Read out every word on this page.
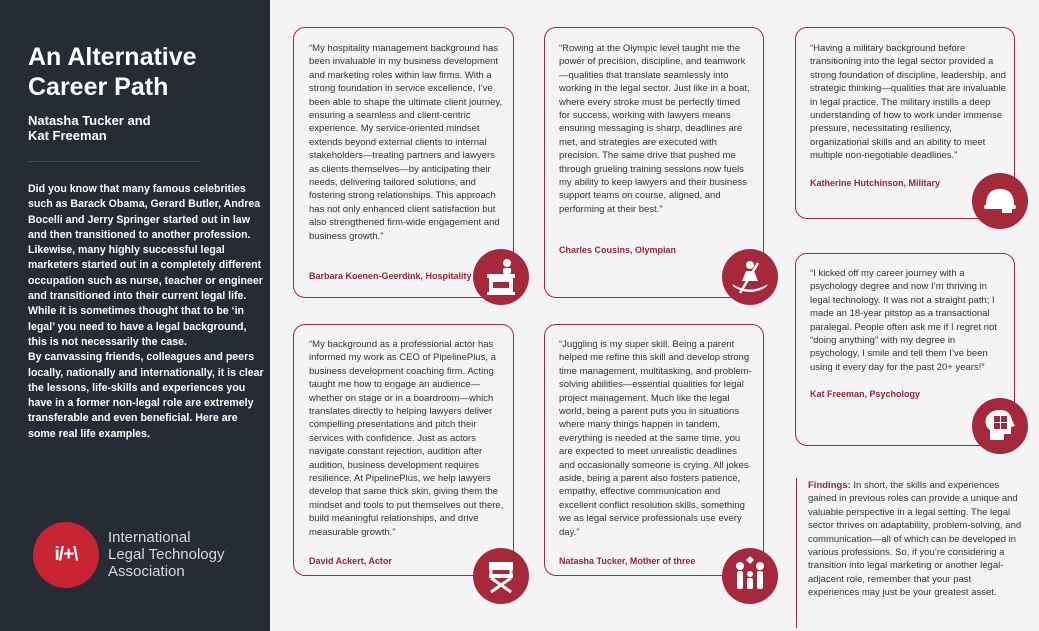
An Alternative
Career Path
Natasha Tucker and
Kat Freeman

Did you know that many famous celebrities such as Barack Obama, Gerard Butler, Andrea Bocelli and Jerry Springer started out in law and then transitioned to another profession. Likewise, many highly successful legal marketers started out in a completely different occupation such as nurse, teacher or engineer and transitioned into their current legal life. While it is sometimes thought that to be ‘in legal’ you need to have a legal background, this is not necessarily the case.

By canvassing friends, colleagues and peers locally, nationally and internationally, it is clear the lessons, life-skills and experiences you have in a former non-legal role are extremely transferable and even beneficial. Here are some real life examples.

i/+\
International
Legal Technology
Association

“My hospitality management background has been invaluable in my business development and marketing roles within law firms. With a strong foundation in service excellence, I’ve been able to shape the ultimate client journey, ensuring a seamless and client-centric experience. My service-oriented mindset extends beyond external clients to internal stakeholders—treating partners and lawyers as clients themselves—by anticipating their needs, delivering tailored solutions, and fostering strong relationships. This approach has not only enhanced client satisfaction but also strengthened firm-wide engagement and business growth.”

Barbara Koenen-Geerdink, Hospitality

“Rowing at the Olympic level taught me the power of precision, discipline, and teamwork—qualities that translate seamlessly into working in the legal sector. Just like in a boat, where every stroke must be perfectly timed for success, working with lawyers means ensuring messaging is sharp, deadlines are met, and strategies are executed with precision. The same drive that pushed me through grueling training sessions now fuels my ability to keep lawyers and their business support teams on course, aligned, and performing at their best.”

Charles Cousins, Olympian

“Having a military background before transitioning into the legal sector provided a strong foundation of discipline, leadership, and strategic thinking—qualities that are invaluable in legal practice. The military instills a deep understanding of how to work under immense pressure, necessitating resiliency, organizational skills and an ability to meet multiple non-negotiable deadlines.”

Katherine Hutchinson, Military

“My background as a professional actor has informed my work as CEO of PipelinePlus, a business development coaching firm. Acting taught me how to engage an audience—whether on stage or in a boardroom—which translates directly to helping lawyers deliver compelling presentations and pitch their services with confidence. Just as actors navigate constant rejection, audition after audition, business development requires resilience. At PipelinePlus, we help lawyers develop that same thick skin, giving them the mindset and tools to put themselves out there, build meaningful relationships, and drive measurable growth.”

David Ackert, Actor

“Juggling is my super skill. Being a parent helped me refine this skill and develop strong time management, multitasking, and problem-solving abilities—essential qualities for legal project management. Much like the legal world, being a parent puts you in situations where many things happen in tandem, everything is needed at the same time, you are expected to meet unrealistic deadlines and occasionally someone is crying. All jokes aside, being a parent also fosters patience, empathy, effective communication and excellent conflict resolution skills, something we as legal service professionals use every day.”

Natasha Tucker, Mother of three

“I kicked off my career journey with a psychology degree and now I’m thriving in legal technology. It was not a straight path; I made an 18-year pitstop as a transactional paralegal. People often ask me if I regret not “doing anything” with my degree in psychology, I smile and tell them I’ve been using it every day for the past 20+ years!”

Kat Freeman, Psychology
Findings: In short, the skills and experiences gained in previous roles can provide a unique and valuable perspective in a legal setting. The legal sector thrives on adaptability, problem-solving, and communication—all of which can be developed in various professions. So, if you’re considering a transition into legal marketing or another legal-adjacent role, remember that your past experiences may just be your greatest asset.
